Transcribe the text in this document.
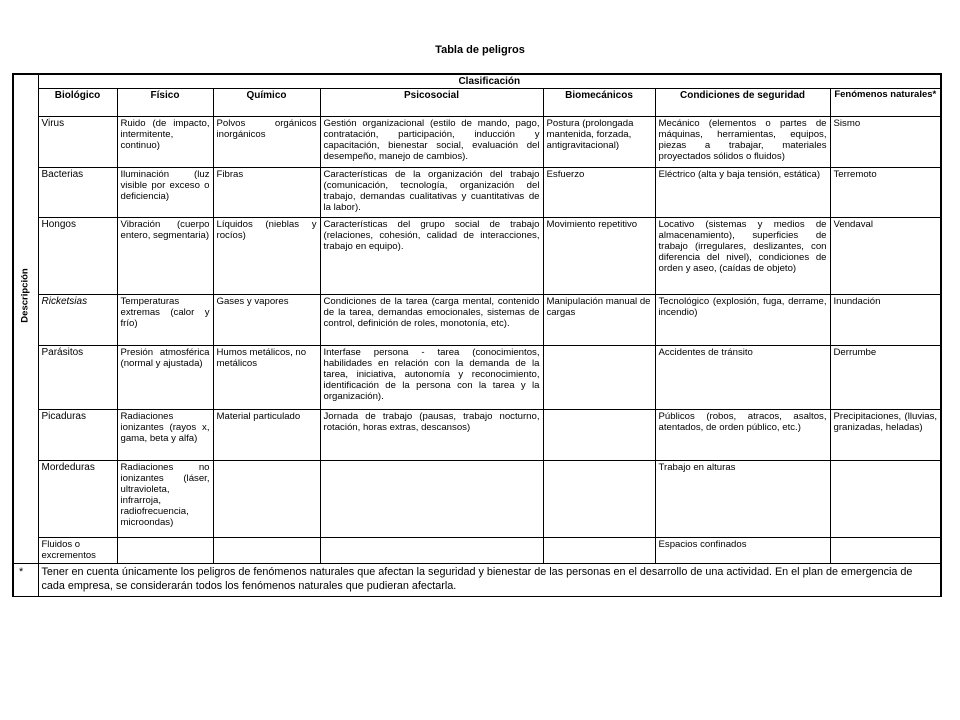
Tabla de peligros
	Clasificación						
	Biológico	Físico	Químico	Psicosocial	Biomecánicos	Condiciones de seguridad	Fenómenos naturales*
	Virus	Ruido (de impacto, intermitente, continuo)	Polvos orgánicos inorgánicos	Gestión organizacional (estilo de mando, pago, contratación, participación, inducción y capacitación, bienestar social, evaluación del desempeño, manejo de cambios).	Postura (prolongada mantenida, forzada, antigravitacional)	Mecánico (elementos o partes de máquinas, herramientas, equipos, piezas a trabajar, materiales proyectados sólidos o fluidos)	Sismo
	Bacterias	Iluminación (luz visible por exceso o deficiencia)	Fibras	Características de la organización del trabajo (comunicación, tecnología, organización del trabajo, demandas cualitativas y cuantitativas de la labor).	Esfuerzo	Eléctrico (alta y baja tensión, estática)	Terremoto
	Hongos	Vibración (cuerpo entero, segmentaria)	Líquidos (nieblas y rocíos)	Características del grupo social de trabajo (relaciones, cohesión, calidad de interacciones, trabajo en equipo).	Movimiento repetitivo	Locativo (sistemas y medios de almacenamiento), superficies de trabajo (irregulares, deslizantes, con diferencia del nivel), condiciones de orden y aseo, (caídas de objeto)	Vendaval
	Ricketsias	Temperaturas extremas (calor y frío)	Gases y vapores	Condiciones de la tarea (carga mental, contenido de la tarea, demandas emocionales, sistemas de control, definición de roles, monotonía, etc).	Manipulación manual de cargas	Tecnológico (explosión, fuga, derrame, incendio)	Inundación
	Parásitos	Presión atmosférica (normal y ajustada)	Humos metálicos, no metálicos	Interfase persona - tarea (conocimientos, habilidades en relación con la demanda de la tarea, iniciativa, autonomía y reconocimiento, identificación de la persona con la tarea y la organización).		Accidentes de tránsito	Derrumbe
	Picaduras	Radiaciones ionizantes (rayos x, gama, beta y alfa)	Material particulado	Jornada de trabajo (pausas, trabajo nocturno, rotación, horas extras, descansos)		Públicos (robos, atracos, asaltos, atentados, de orden público, etc.)	Precipitaciones, (lluvias, granizadas, heladas)
	Mordeduras	Radiaciones no ionizantes (láser, ultravioleta, infrarroja, radiofrecuencia, microondas)				Trabajo en alturas	
	Fluidos o excrementos					Espacios confinados	
*	Tener en cuenta únicamente los peligros de fenómenos naturales que afectan la seguridad y bienestar de las personas en el desarrollo de una actividad. En el plan de emergencia de cada empresa, se considerarán todos los fenómenos naturales que pudieran afectarla.						
Descripción
